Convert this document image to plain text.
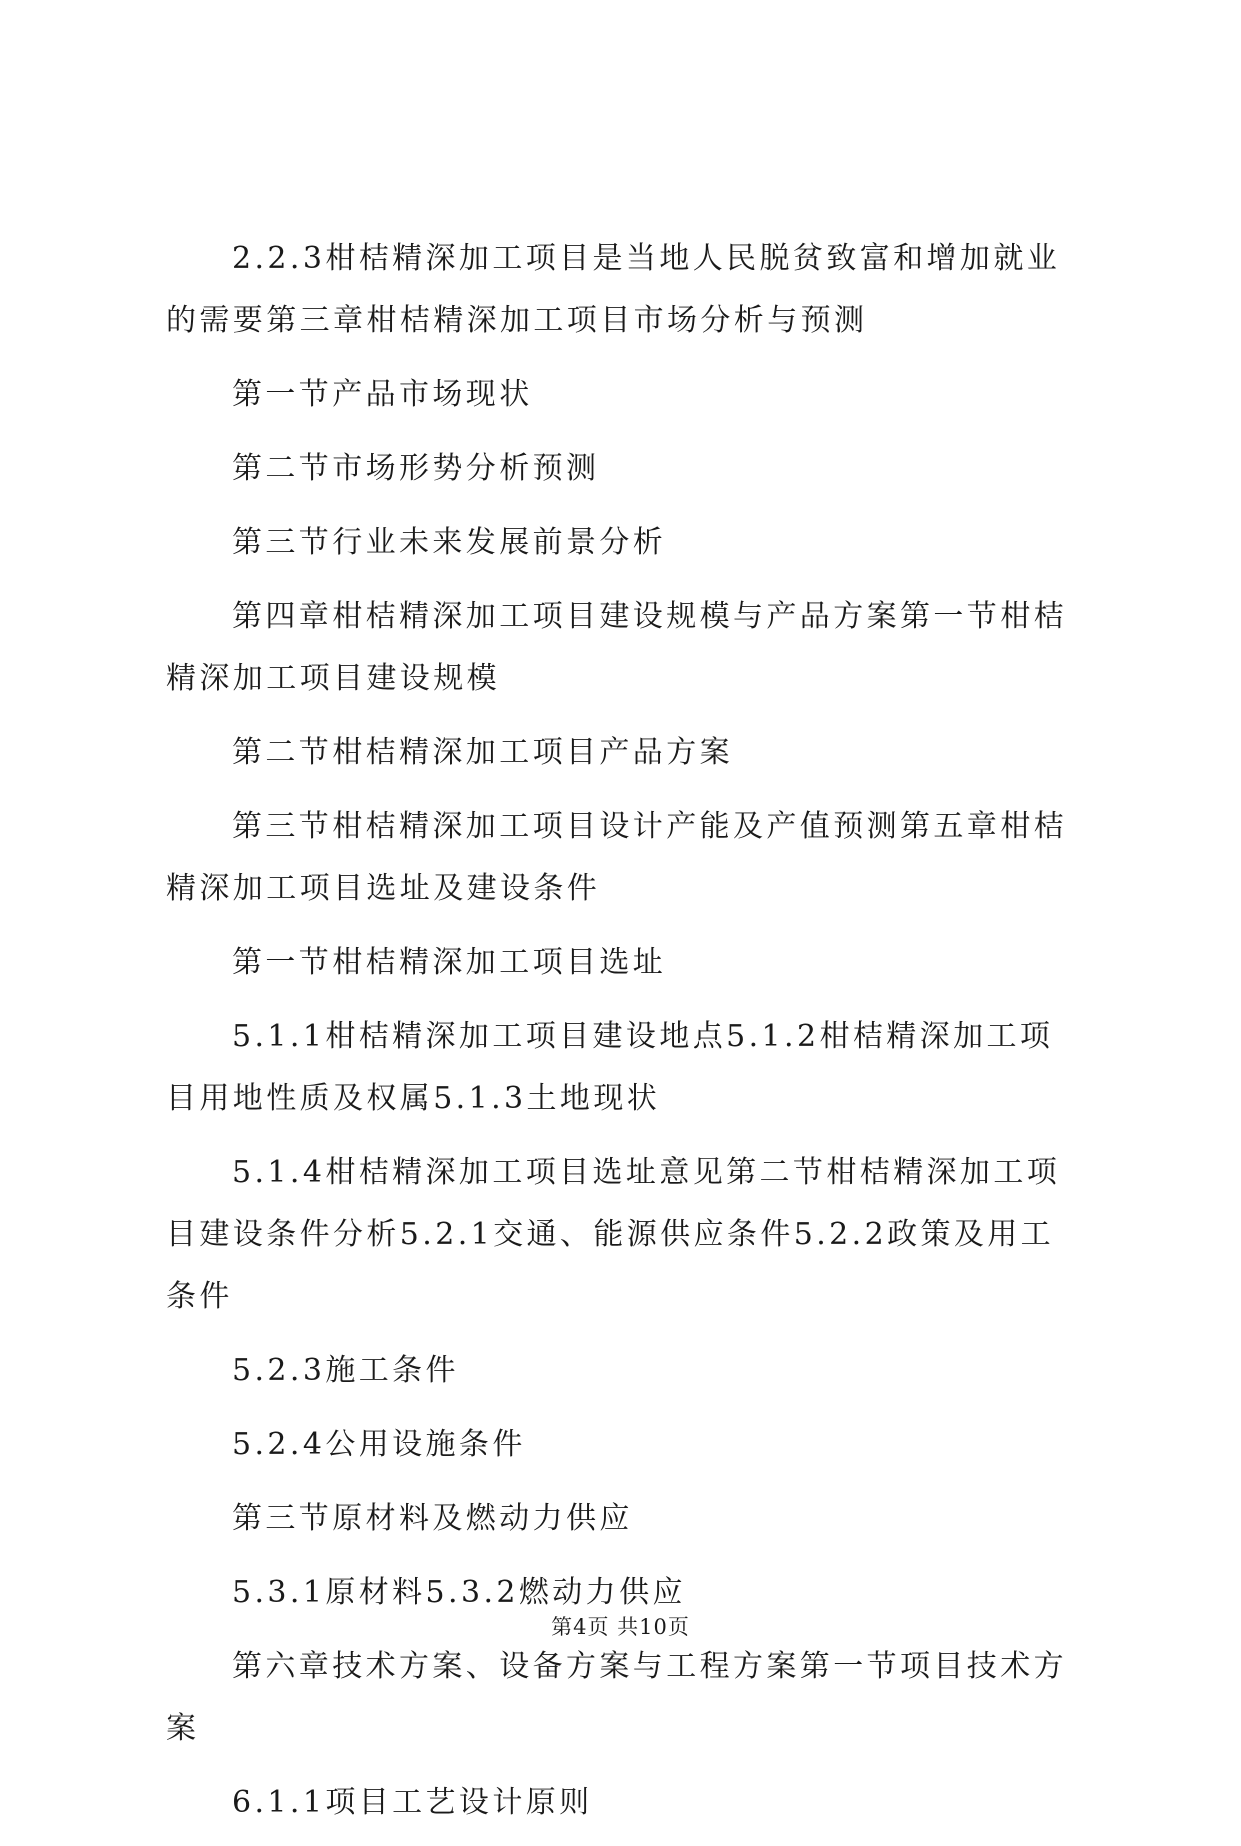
2.2.3柑桔精深加工项目是当地人民脱贫致富和增加就业的需要第三章柑桔精深加工项目市场分析与预测

第一节产品市场现状

第二节市场形势分析预测

第三节行业未来发展前景分析

第四章柑桔精深加工项目建设规模与产品方案第一节柑桔精深加工项目建设规模

第二节柑桔精深加工项目产品方案

第三节柑桔精深加工项目设计产能及产值预测第五章柑桔精深加工项目选址及建设条件

第一节柑桔精深加工项目选址

5.1.1柑桔精深加工项目建设地点5.1.2柑桔精深加工项目用地性质及权属5.1.3土地现状

5.1.4柑桔精深加工项目选址意见第二节柑桔精深加工项目建设条件分析5.2.1交通、能源供应条件5.2.2政策及用工条件

5.2.3施工条件

5.2.4公用设施条件

第三节原材料及燃动力供应

5.3.1原材料5.3.2燃动力供应

第六章技术方案、设备方案与工程方案第一节项目技术方案

6.1.1项目工艺设计原则

第4页 共10页
